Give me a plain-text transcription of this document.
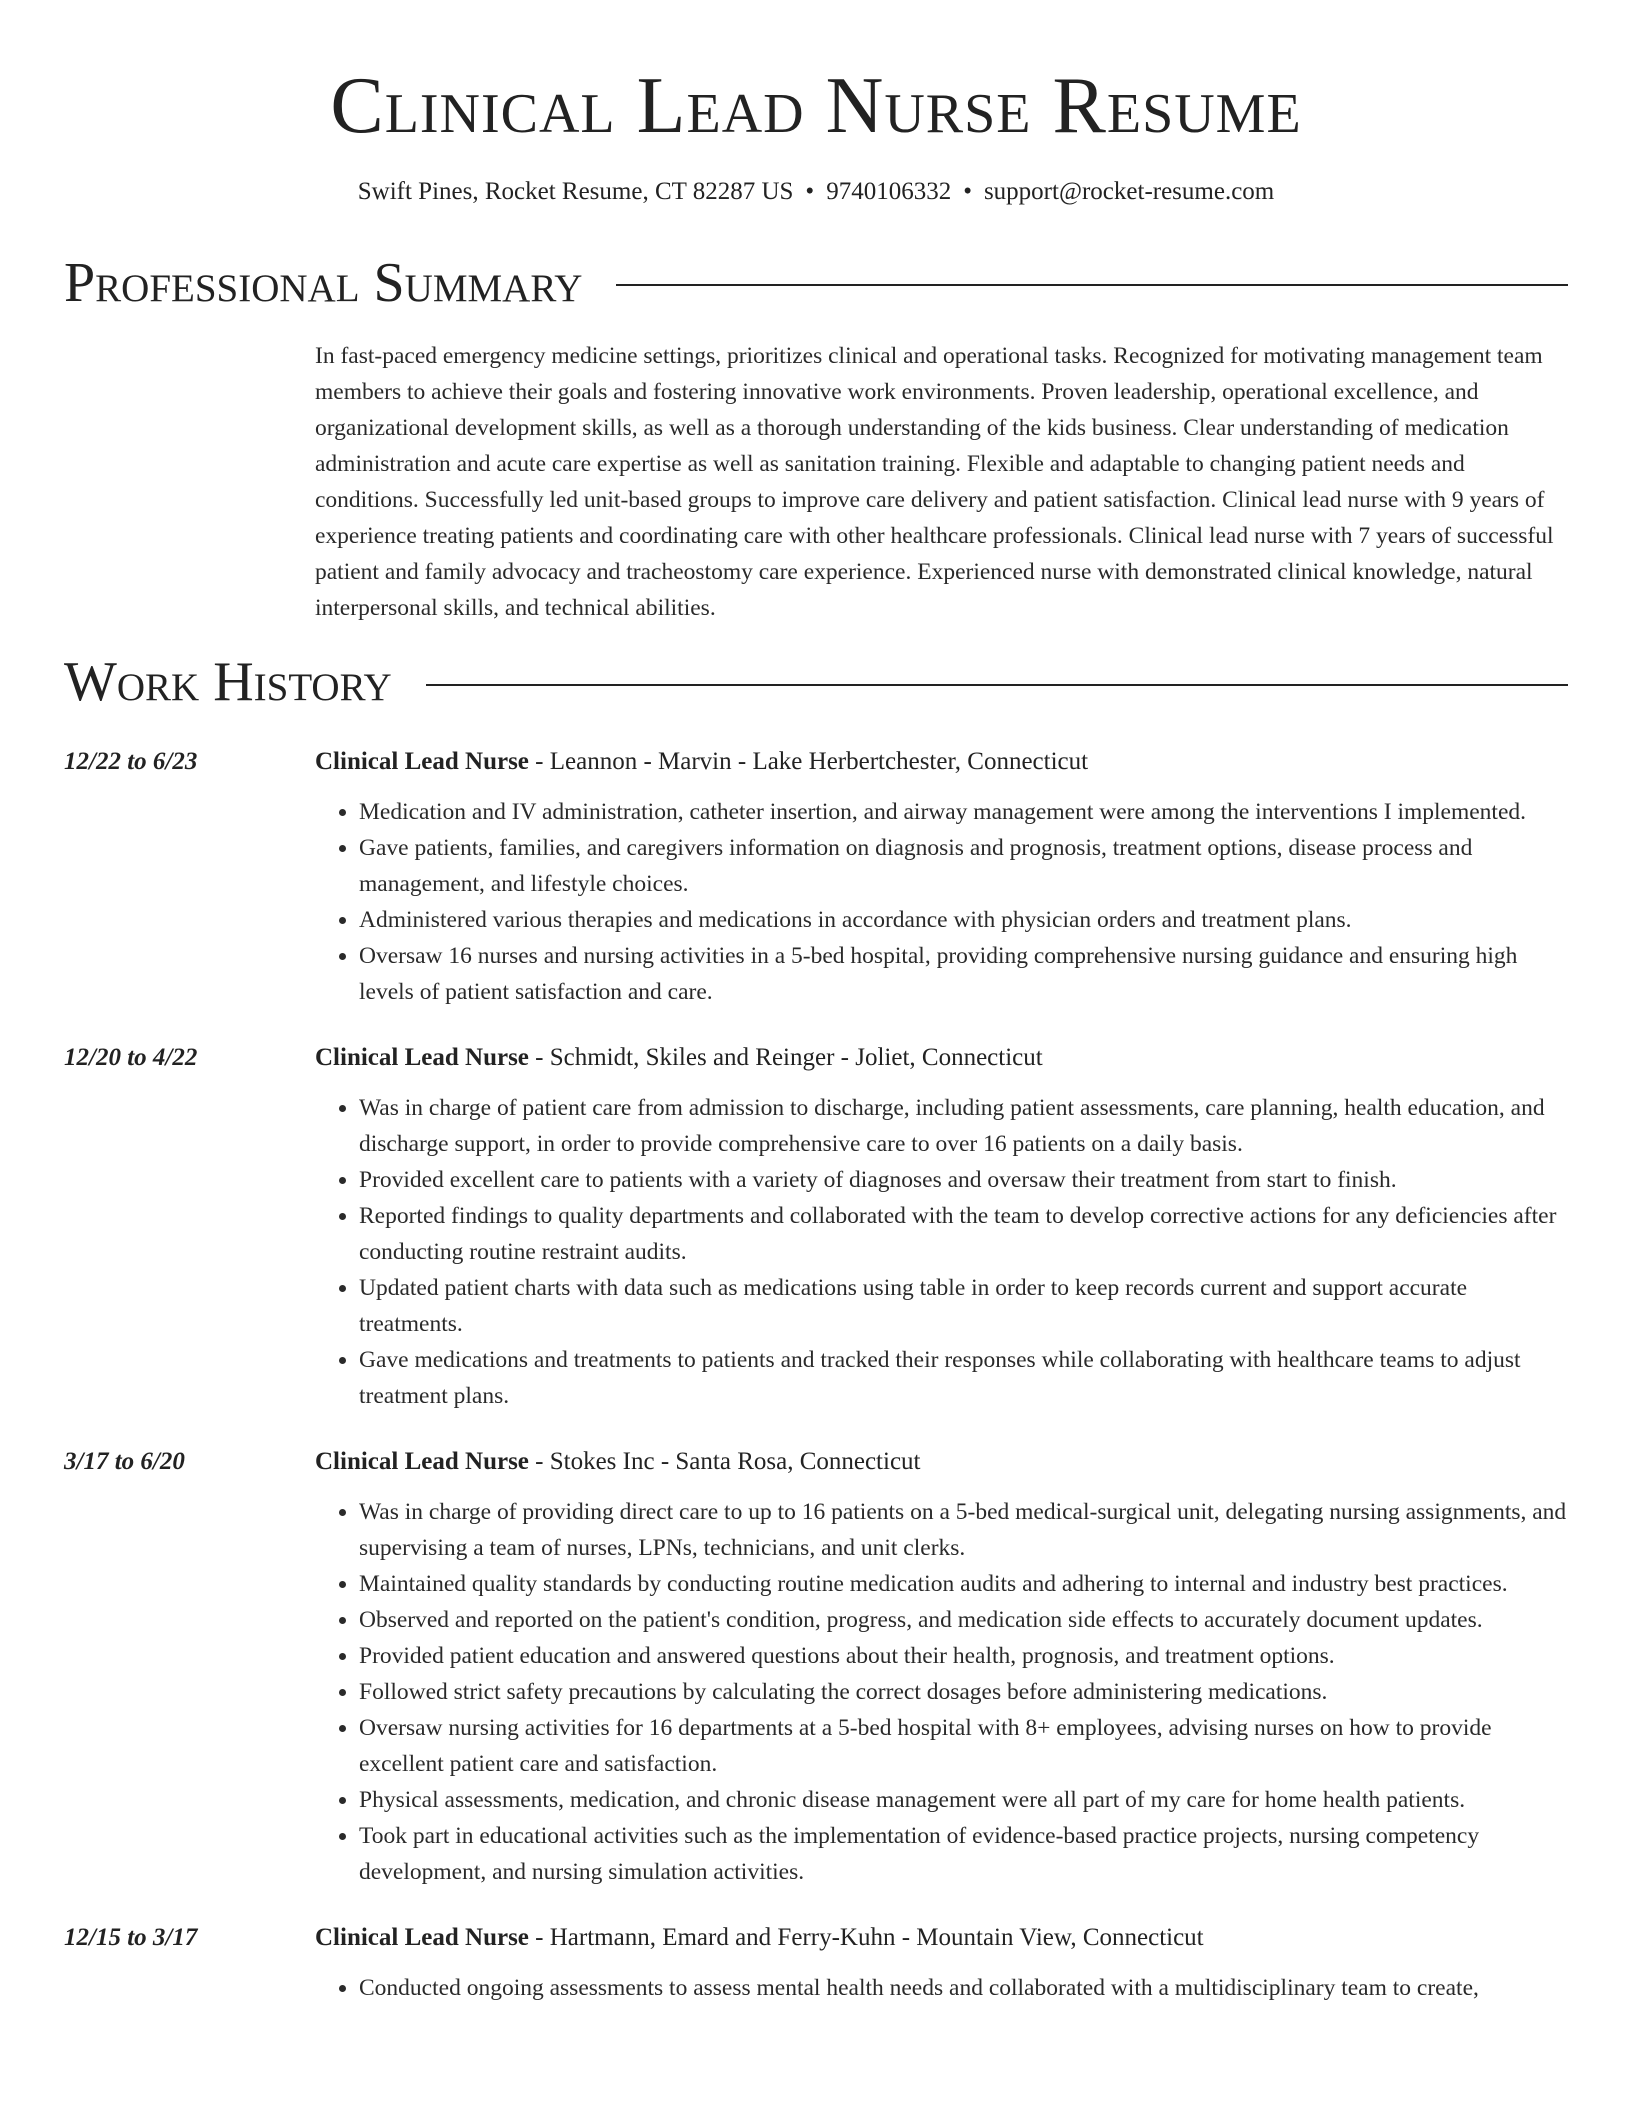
Clinical Lead Nurse Resume
Swift Pines, Rocket Resume, CT 82287 US • 9740106332 • support@rocket-resume.com
Professional Summary

In fast-paced emergency medicine settings, prioritizes clinical and operational tasks. Recognized for motivating management team members to achieve their goals and fostering innovative work environments. Proven leadership, operational excellence, and organizational development skills, as well as a thorough understanding of the kids business. Clear understanding of medication administration and acute care expertise as well as sanitation training. Flexible and adaptable to changing patient needs and conditions. Successfully led unit-based groups to improve care delivery and patient satisfaction. Clinical lead nurse with 9 years of experience treating patients and coordinating care with other healthcare professionals. Clinical lead nurse with 7 years of successful patient and family advocacy and tracheostomy care experience. Experienced nurse with demonstrated clinical knowledge, natural interpersonal skills, and technical abilities.

Work History
12/22 to 6/23	Clinical Lead Nurse - Leannon - Marvin - Lake Herbertchester, Connecticut
• Medication and IV administration, catheter insertion, and airway management were among the interventions I implemented.
• Gave patients, families, and caregivers information on diagnosis and prognosis, treatment options, disease process and management, and lifestyle choices.
• Administered various therapies and medications in accordance with physician orders and treatment plans.
• Oversaw 16 nurses and nursing activities in a 5-bed hospital, providing comprehensive nursing guidance and ensuring high levels of patient satisfaction and care.
12/20 to 4/22	Clinical Lead Nurse - Schmidt, Skiles and Reinger - Joliet, Connecticut
• Was in charge of patient care from admission to discharge, including patient assessments, care planning, health education, and discharge support, in order to provide comprehensive care to over 16 patients on a daily basis.
• Provided excellent care to patients with a variety of diagnoses and oversaw their treatment from start to finish.
• Reported findings to quality departments and collaborated with the team to develop corrective actions for any deficiencies after conducting routine restraint audits.
• Updated patient charts with data such as medications using table in order to keep records current and support accurate treatments.
• Gave medications and treatments to patients and tracked their responses while collaborating with healthcare teams to adjust treatment plans.
3/17 to 6/20	Clinical Lead Nurse - Stokes Inc - Santa Rosa, Connecticut
• Was in charge of providing direct care to up to 16 patients on a 5-bed medical-surgical unit, delegating nursing assignments, and supervising a team of nurses, LPNs, technicians, and unit clerks.
• Maintained quality standards by conducting routine medication audits and adhering to internal and industry best practices.
• Observed and reported on the patient's condition, progress, and medication side effects to accurately document updates.
• Provided patient education and answered questions about their health, prognosis, and treatment options.
• Followed strict safety precautions by calculating the correct dosages before administering medications.
• Oversaw nursing activities for 16 departments at a 5-bed hospital with 8+ employees, advising nurses on how to provide excellent patient care and satisfaction.
• Physical assessments, medication, and chronic disease management were all part of my care for home health patients.
• Took part in educational activities such as the implementation of evidence-based practice projects, nursing competency development, and nursing simulation activities.
12/15 to 3/17	Clinical Lead Nurse - Hartmann, Emard and Ferry-Kuhn - Mountain View, Connecticut
• Conducted ongoing assessments to assess mental health needs and collaborated with a multidisciplinary team to create,
